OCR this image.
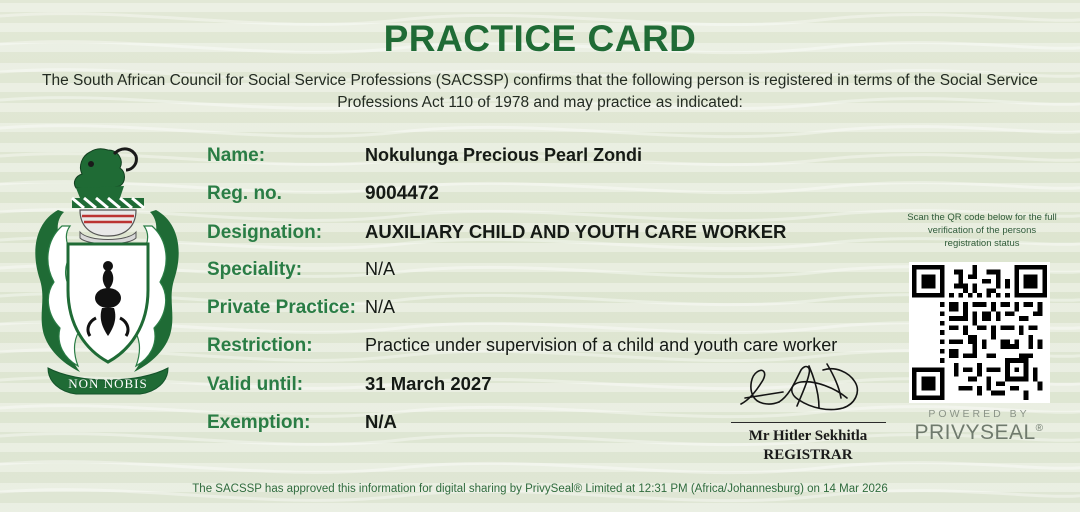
PRACTICE CARD
The South African Council for Social Service Professions (SACSSP) confirms that the following person is registered in terms of the Social Service Professions Act 110 of 1978 and may practice as indicated:
NON NOBIS
Name:	Nokulunga Precious Pearl Zondi
Reg. no.	9004472
Designation:	AUXILIARY CHILD AND YOUTH CARE WORKER
Speciality:	N/A
Private Practice: N/A
Restriction:	Practice under supervision of a child and youth care worker
Valid until:	31 March 2027
Exemption:	N/A
Scan the QR code below for the full verification of the persons registration status
POWERED BY
PRIVYSEAL®
Mr Hitler Sekhitla
REGISTRAR
The SACSSP has approved this information for digital sharing by PrivySeal® Limited at 12:31 PM (Africa/Johannesburg) on 14 Mar 2026
